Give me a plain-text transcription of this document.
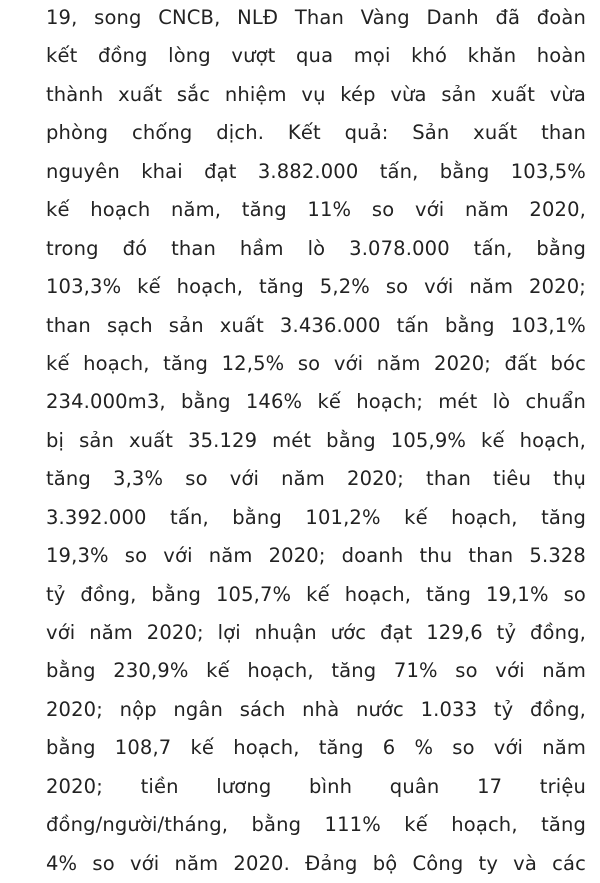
19, song CNCB, NLĐ Than Vàng Danh đã đoàn
kết đồng lòng vượt qua mọi khó khăn hoàn
thành xuất sắc nhiệm vụ kép vừa sản xuất vừa
phòng chống dịch. Kết quả: Sản xuất than
nguyên khai đạt 3.882.000 tấn, bằng 103,5%
kế hoạch năm, tăng 11% so với năm 2020,
trong đó than hầm lò 3.078.000 tấn, bằng
103,3% kế hoạch, tăng 5,2% so với năm 2020;
than sạch sản xuất 3.436.000 tấn bằng 103,1%
kế hoạch, tăng 12,5% so với năm 2020; đất bóc
234.000m3, bằng 146% kế hoạch; mét lò chuẩn
bị sản xuất 35.129 mét bằng 105,9% kế hoạch,
tăng 3,3% so với năm 2020; than tiêu thụ
3.392.000 tấn, bằng 101,2% kế hoạch, tăng
19,3% so với năm 2020; doanh thu than 5.328
tỷ đồng, bằng 105,7% kế hoạch, tăng 19,1% so
với năm 2020; lợi nhuận ước đạt 129,6 tỷ đồng,
bằng 230,9% kế hoạch, tăng 71% so với năm
2020; nộp ngân sách nhà nước 1.033 tỷ đồng,
bằng 108,7 kế hoạch, tăng 6 % so với năm
2020; tiền lương bình quân 17 triệu
đồng/người/tháng, bằng 111% kế hoạch, tăng
4% so với năm 2020. Đảng bộ Công ty và các
